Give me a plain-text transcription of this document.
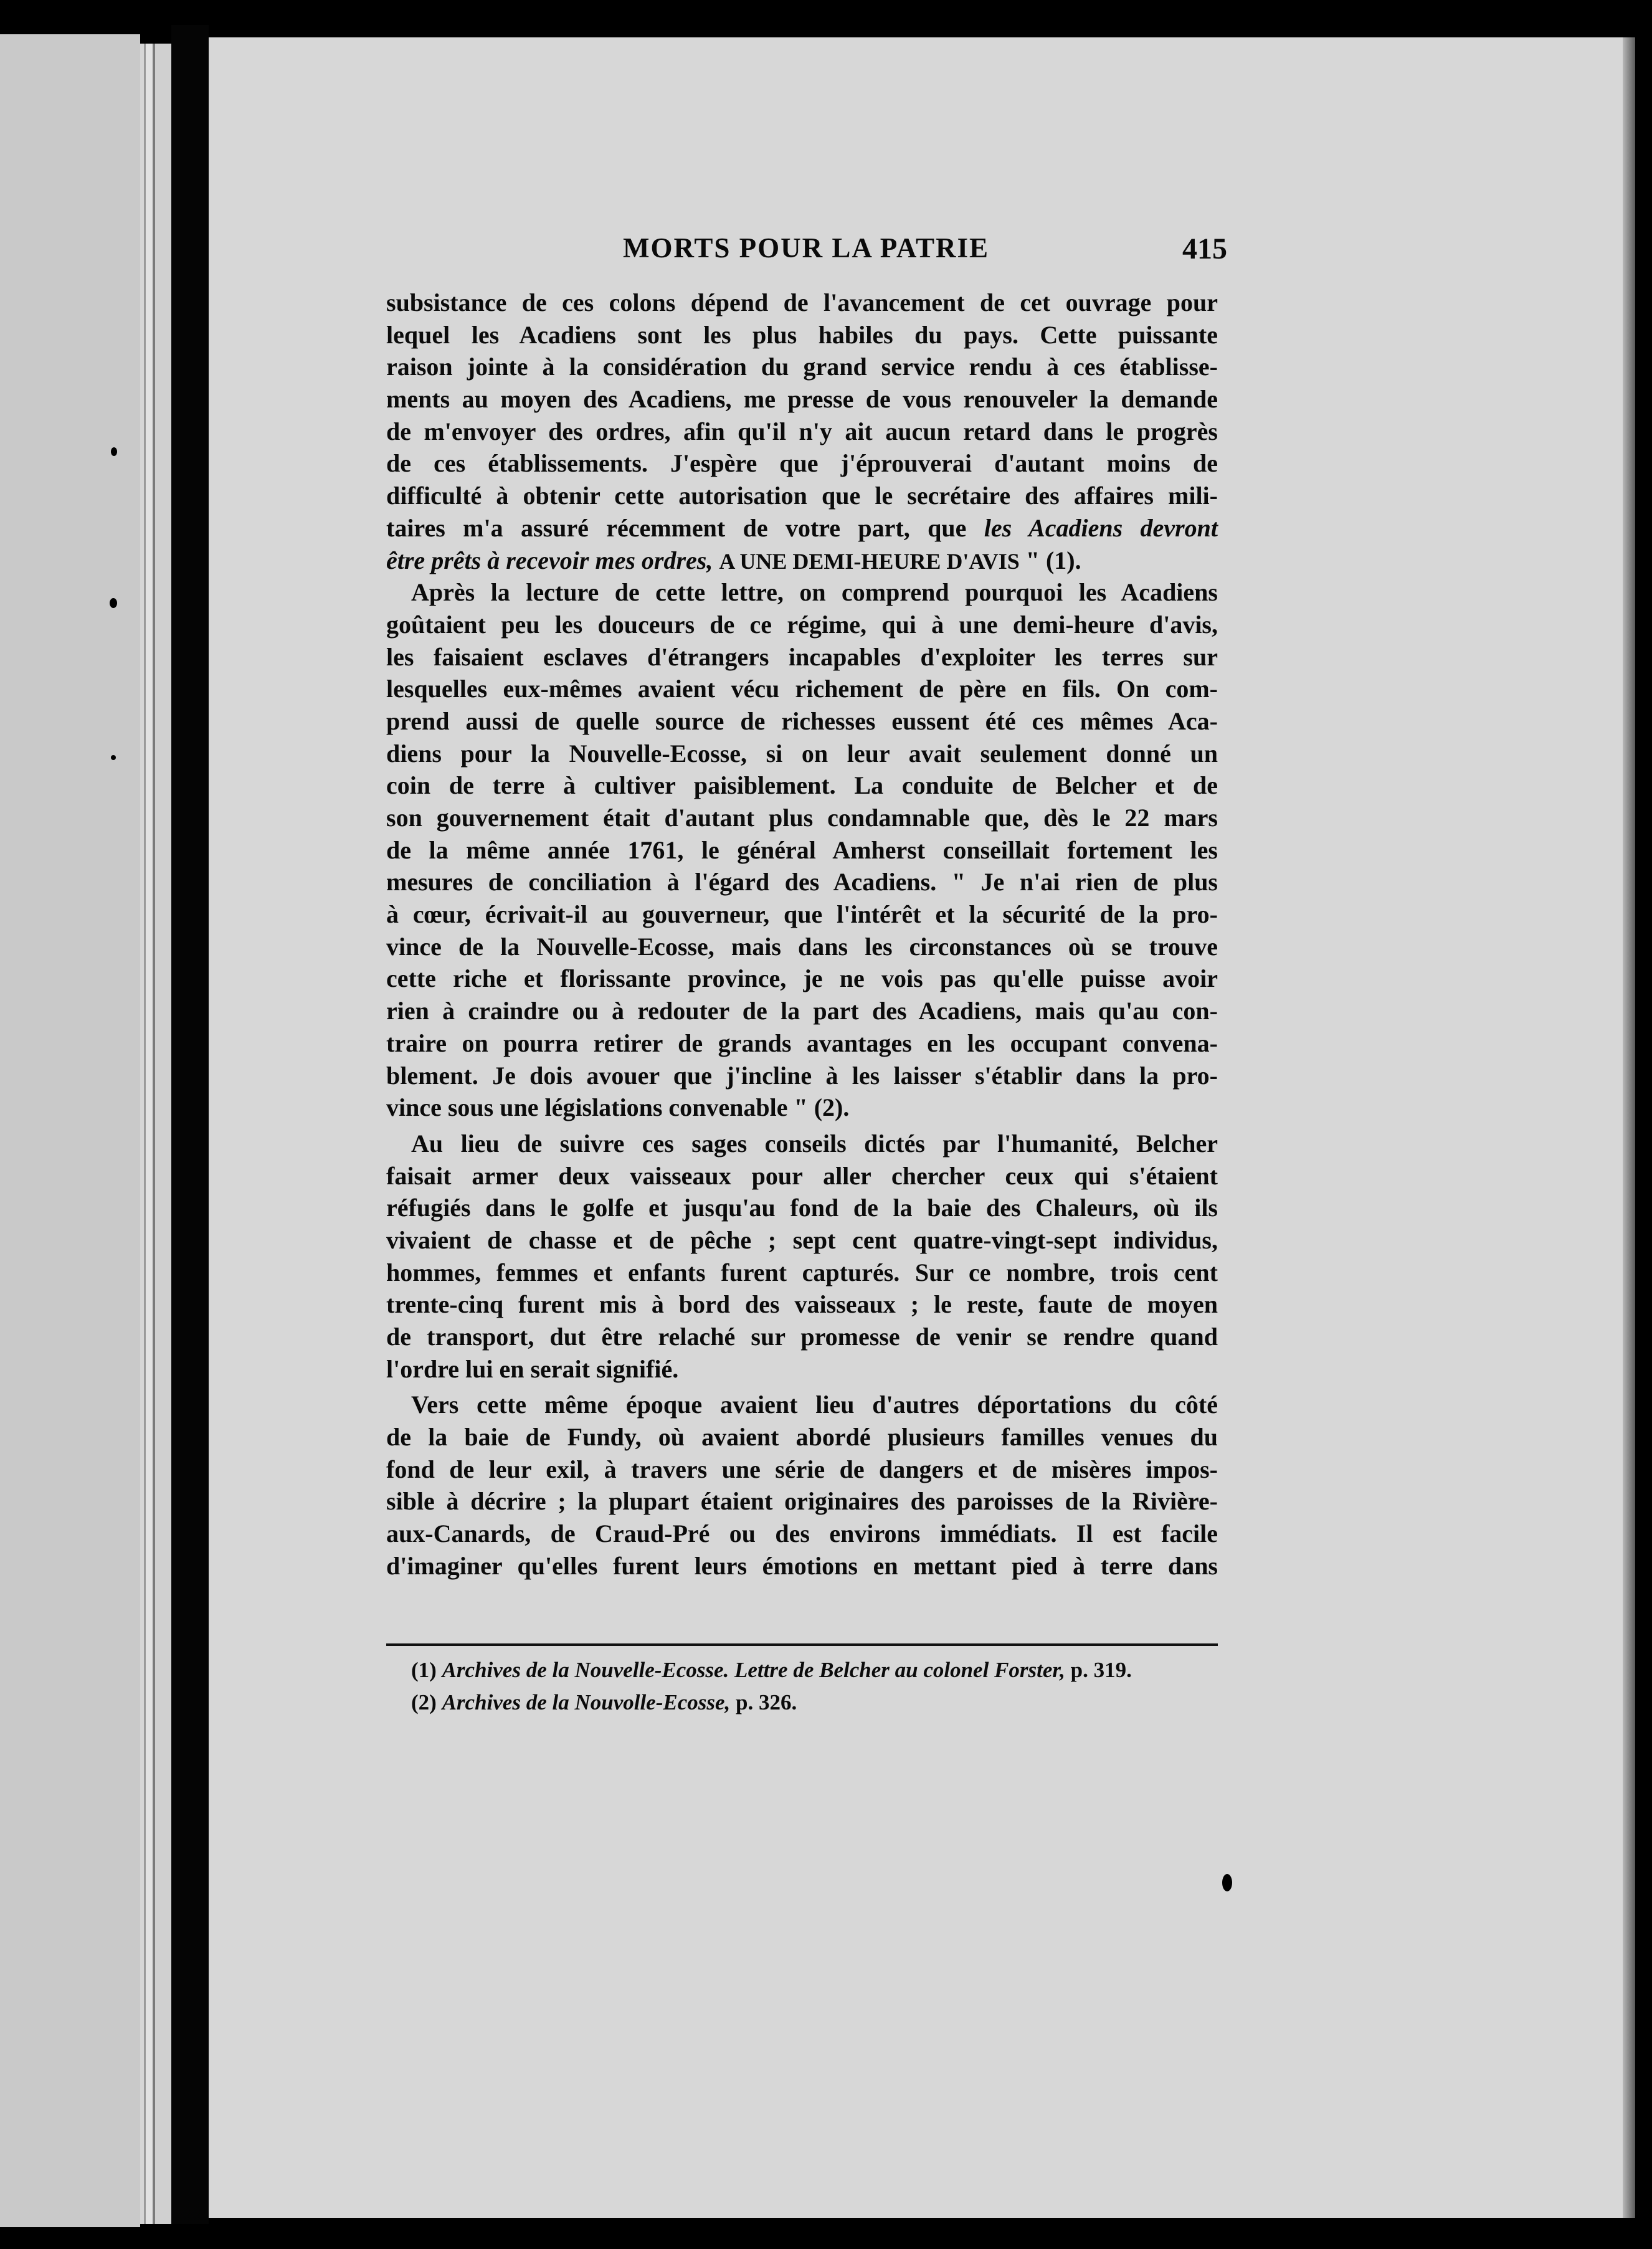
MORTS POUR LA PATRIE	415
subsistance de ces colons dépend de l'avancement de cet ouvrage pour
lequel les Acadiens sont les plus habiles du pays. Cette puissante
raison jointe à la considération du grand service rendu à ces établisse-
ments au moyen des Acadiens, me presse de vous renouveler la demande
de m'envoyer des ordres, afin qu'il n'y ait aucun retard dans le progrès
de ces établissements. J'espère que j'éprouverai d'autant moins de
difficulté à obtenir cette autorisation que le secrétaire des affaires mili-
taires m'a assuré récemment de votre part, que les Acadiens devront
être prêts à recevoir mes ordres, A UNE DEMI-HEURE D'AVIS " (1).
Après la lecture de cette lettre, on comprend pourquoi les Acadiens
goûtaient peu les douceurs de ce régime, qui à une demi-heure d'avis,
les faisaient esclaves d'étrangers incapables d'exploiter les terres sur
lesquelles eux-mêmes avaient vécu richement de père en fils. On com-
prend aussi de quelle source de richesses eussent été ces mêmes Aca-
diens pour la Nouvelle-Ecosse, si on leur avait seulement donné un
coin de terre à cultiver paisiblement. La conduite de Belcher et de
son gouvernement était d'autant plus condamnable que, dès le 22 mars
de la même année 1761, le général Amherst conseillait fortement les
mesures de conciliation à l'égard des Acadiens. " Je n'ai rien de plus
à cœur, écrivait-il au gouverneur, que l'intérêt et la sécurité de la pro-
vince de la Nouvelle-Ecosse, mais dans les circonstances où se trouve
cette riche et florissante province, je ne vois pas qu'elle puisse avoir
rien à craindre ou à redouter de la part des Acadiens, mais qu'au con-
traire on pourra retirer de grands avantages en les occupant convena-
blement. Je dois avouer que j'incline à les laisser s'établir dans la pro-
vince sous une législations convenable " (2).
Au lieu de suivre ces sages conseils dictés par l'humanité, Belcher
faisait armer deux vaisseaux pour aller chercher ceux qui s'étaient
réfugiés dans le golfe et jusqu'au fond de la baie des Chaleurs, où ils
vivaient de chasse et de pêche ; sept cent quatre-vingt-sept individus,
hommes, femmes et enfants furent capturés. Sur ce nombre, trois cent
trente-cinq furent mis à bord des vaisseaux ; le reste, faute de moyen
de transport, dut être relaché sur promesse de venir se rendre quand
l'ordre lui en serait signifié.
Vers cette même époque avaient lieu d'autres déportations du côté
de la baie de Fundy, où avaient abordé plusieurs familles venues du
fond de leur exil, à travers une série de dangers et de misères impos-
sible à décrire ; la plupart étaient originaires des paroisses de la Rivière-
aux-Canards, de Craud-Pré ou des environs immédiats. Il est facile
d'imaginer qu'elles furent leurs émotions en mettant pied à terre dans
(1) Archives de la Nouvelle-Ecosse. Lettre de Belcher au colonel Forster, p. 319.
(2) Archives de la Nouvolle-Ecosse, p. 326.
